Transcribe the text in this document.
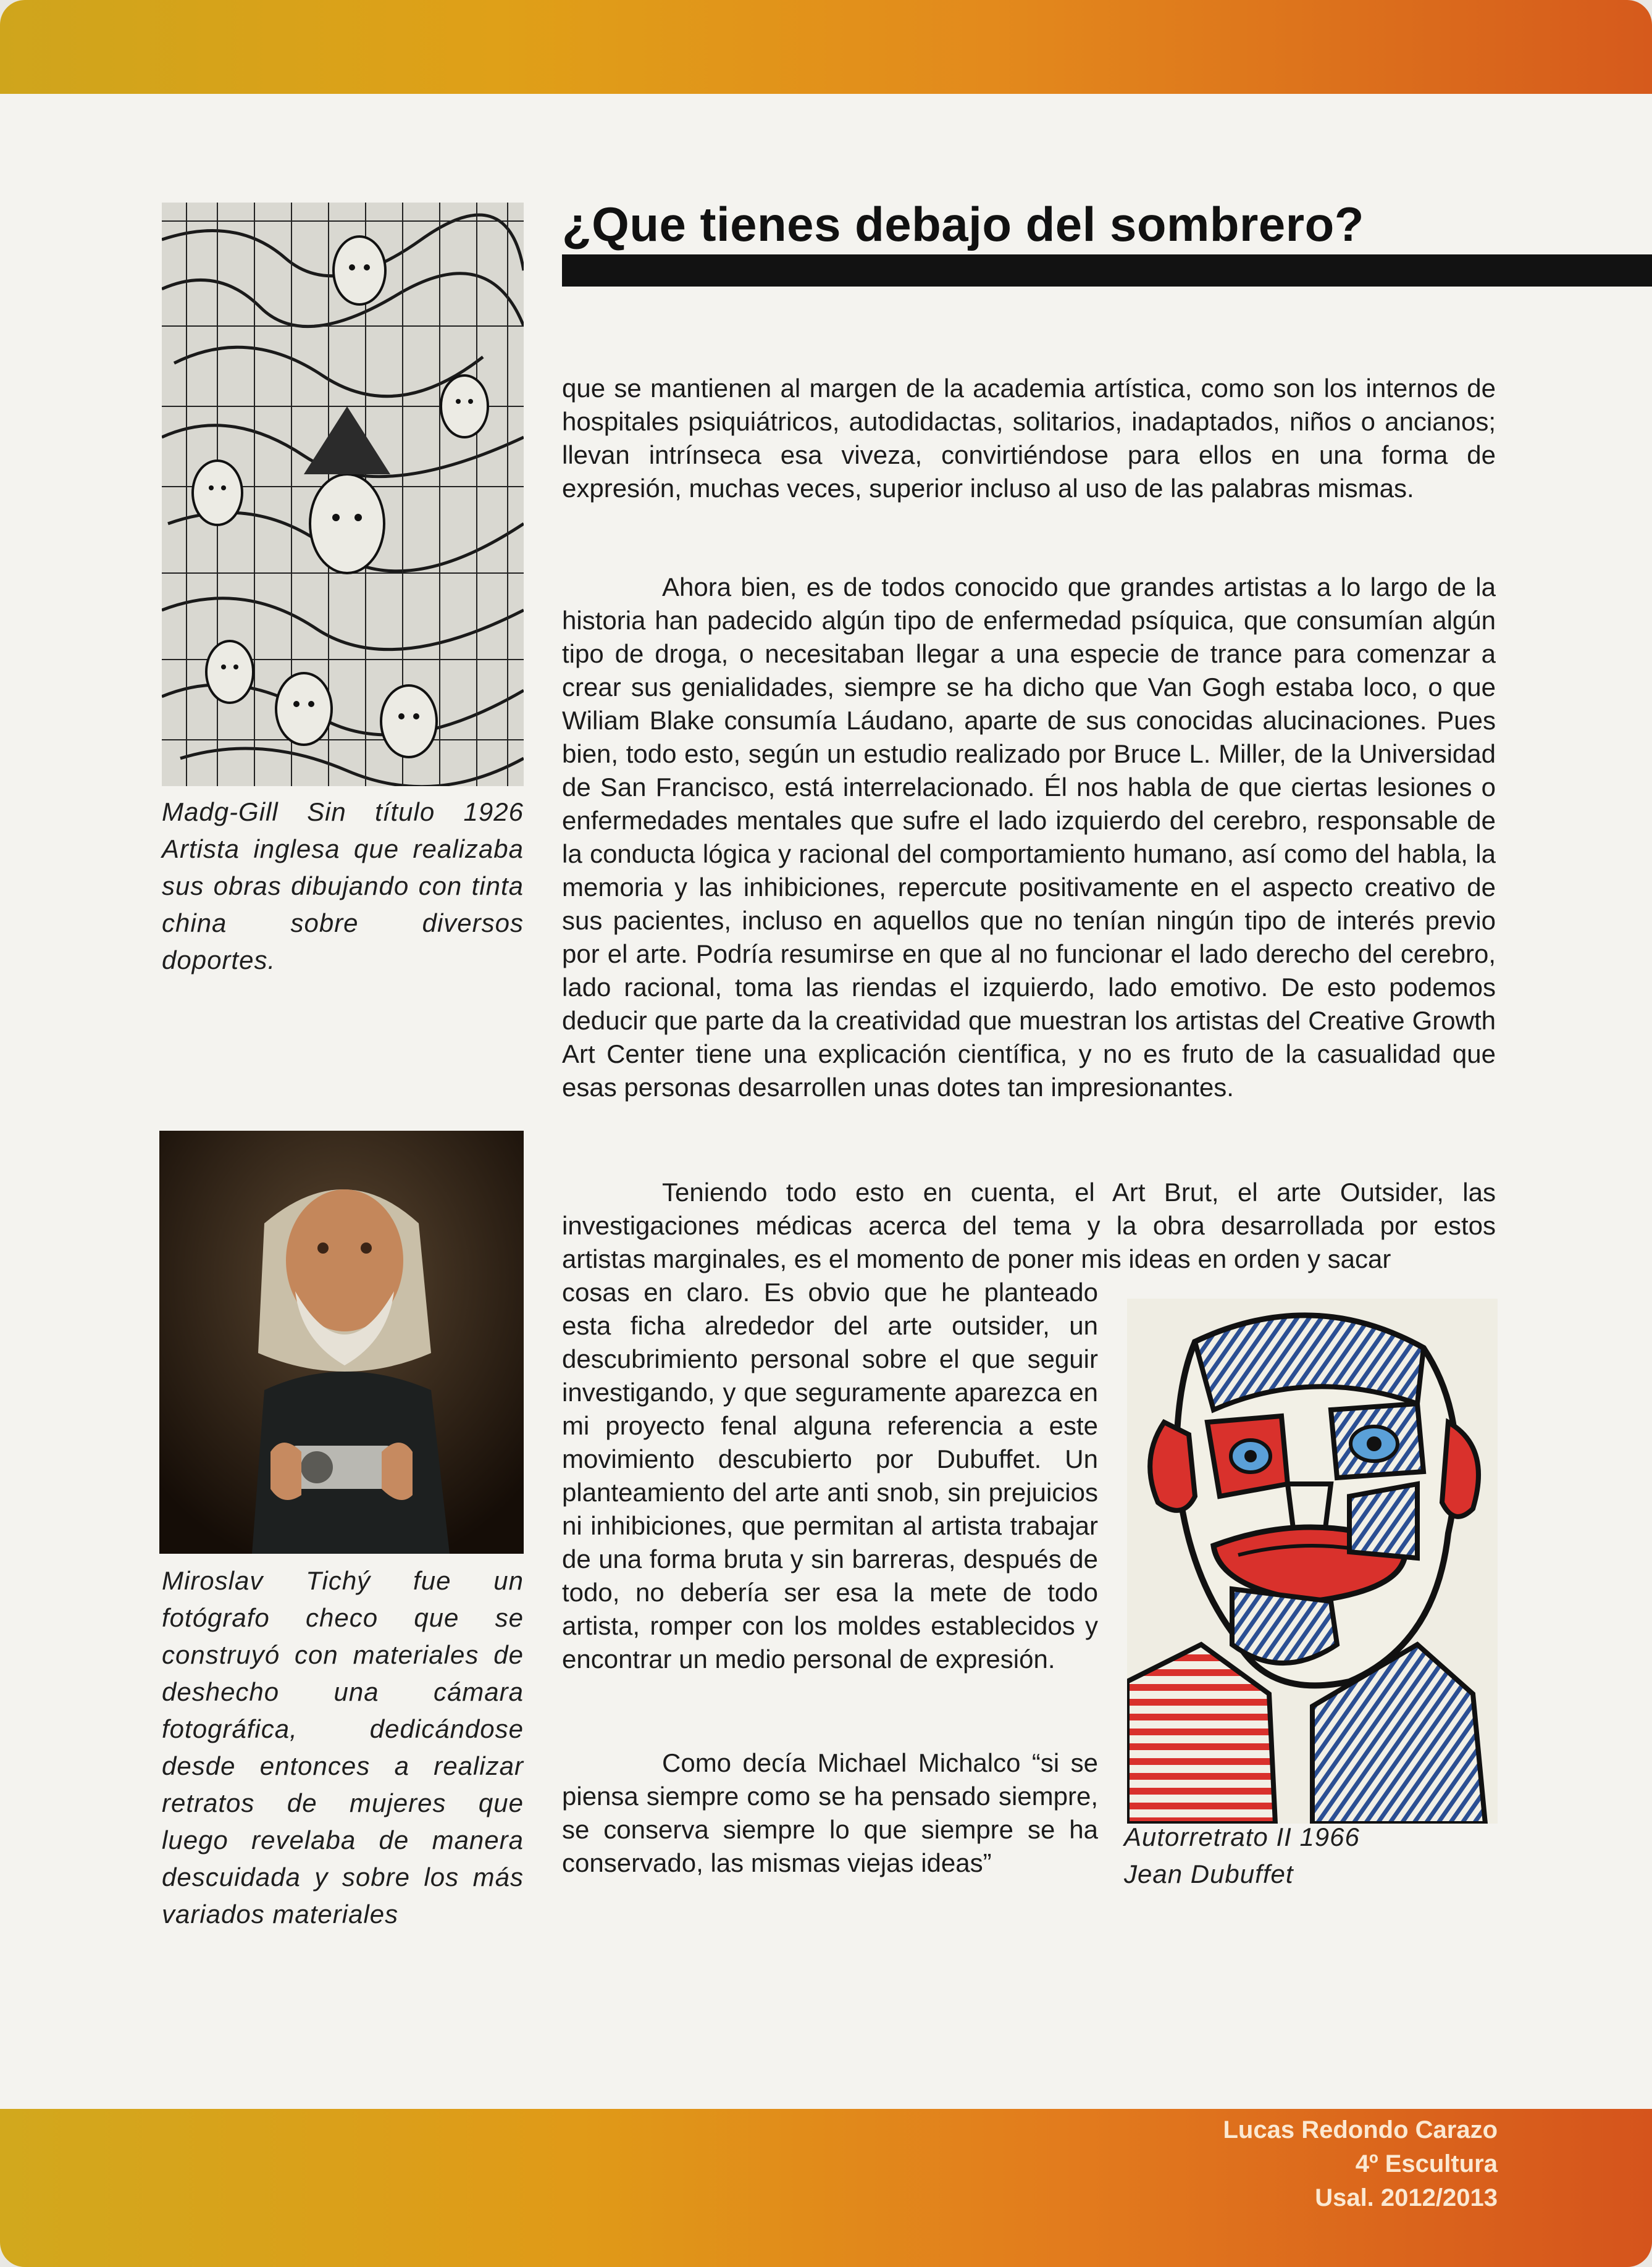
¿Que tienes debajo del sombrero?
Madg-Gill Sin título 1926 Artista inglesa que realizaba sus obras dibujando con tinta china sobre diversos doportes.
Miroslav Tichý fue un fotógrafo checo que se construyó con materiales de deshecho una cámara fotográfica, dedicándose desde entonces a realizar retratos de mujeres que luego revelaba de manera descuidada y sobre los más variados materiales

que se mantienen al margen de la academia artística, como son los internos de hospitales psiquiátricos, autodidactas, solitarios, inadaptados, niños o ancianos; llevan intrínseca esa viveza, convirtiéndose para ellos en una forma de expresión, muchas veces, superior incluso al uso de las palabras mismas.

Ahora bien, es de todos conocido que grandes artistas a lo largo de la historia han padecido algún tipo de enfermedad psíquica, que consumían algún tipo de droga, o necesitaban llegar a una especie de trance para comenzar a crear sus genialidades, siempre se ha dicho que Van Gogh estaba loco, o que Wiliam Blake consumía Láudano, aparte de sus conocidas alucinaciones. Pues bien, todo esto, según un estudio realizado por Bruce L. Miller, de la Universidad de San Francisco, está interrelacionado. Él nos habla de que ciertas lesiones o enfermedades mentales que sufre el lado izquierdo del cerebro, responsable de la conducta lógica y racional del comportamiento humano, así como del habla, la memoria y las inhibiciones, repercute positivamente en el aspecto creativo de sus pacientes, incluso en aquellos que no tenían ningún tipo de interés previo por el arte. Podría resumirse en que al no funcionar el lado derecho del cerebro, lado racional, toma las riendas el izquierdo, lado emotivo. De esto podemos deducir que parte da la creatividad que muestran los artistas del Creative Growth Art Center tiene una explicación científica, y no es fruto de la casualidad que esas personas desarrollen unas dotes tan impresionantes.

Teniendo todo esto en cuenta, el Art Brut, el arte Outsider, las investigaciones médicas acerca del tema y la obra desarrollada por estos artistas marginales, es el momento de poner mis ideas en orden y sacar

cosas en claro. Es obvio que he planteado esta ficha alrededor del arte outsider, un descubrimiento personal sobre el que seguir investigando, y que seguramente aparezca en mi proyecto fenal alguna referencia a este movimiento descubierto por Dubuffet. Un planteamiento del arte anti snob, sin prejuicios ni inhibiciones, que permitan al artista trabajar de una forma bruta y sin barreras, después de todo, no debería ser esa la mete de todo artista, romper con los moldes establecidos y encontrar un medio personal de expresión.

Como decía Michael Michalco “si se piensa siempre como se ha pensado siempre, se conserva siempre lo que siempre se ha conservado, las mismas viejas ideas”

Autorretrato II 1966
Jean Dubuffet
Lucas Redondo Carazo
4º Escultura
Usal. 2012/2013
